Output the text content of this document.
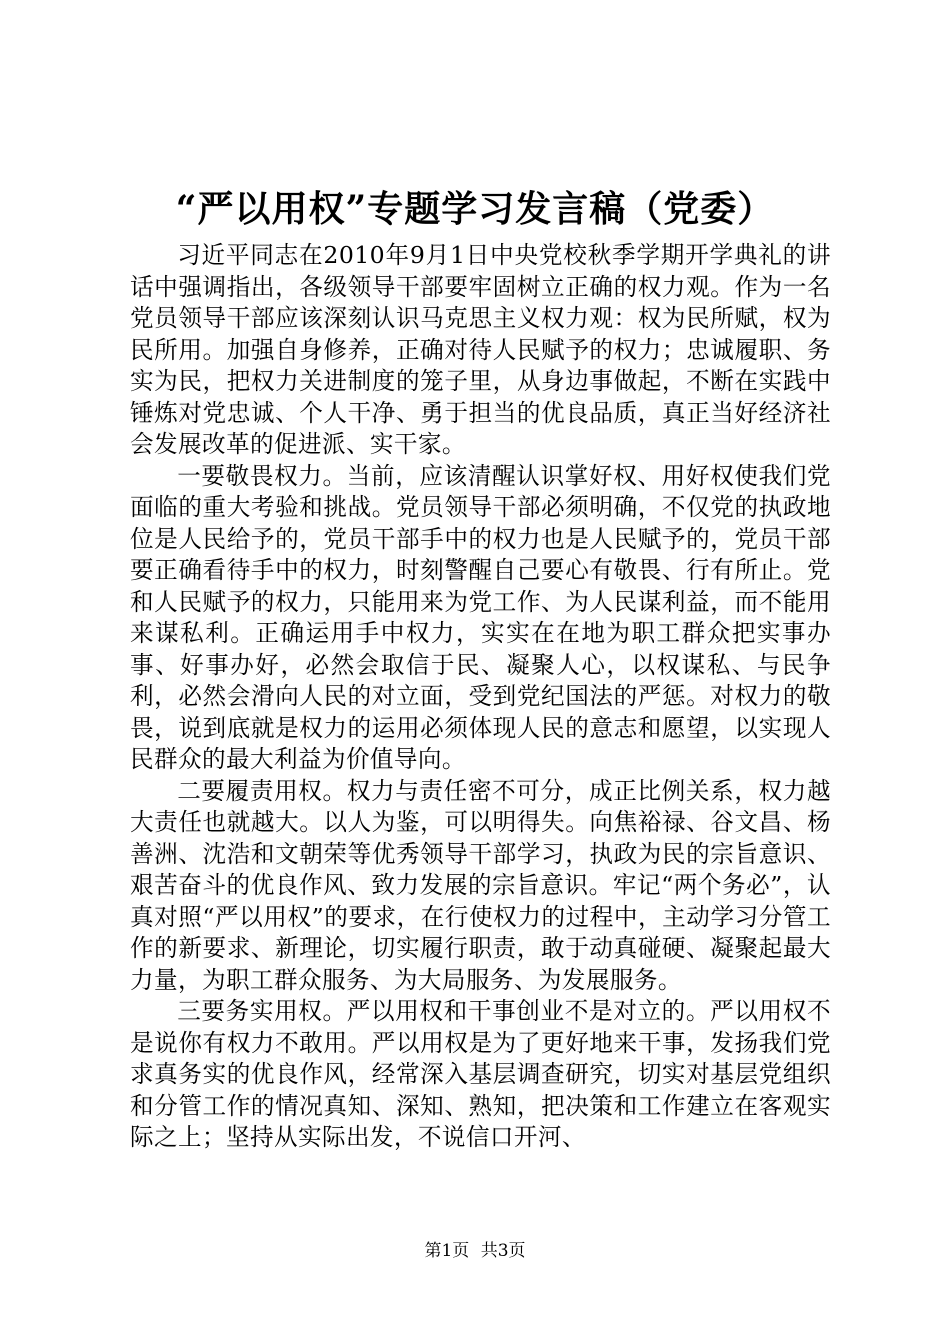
“严以用权”专题学习发言稿（党委）

习近平同志在2010年9月1日中央党校秋季学期开学典礼的讲话中强调指出，各级领导干部要牢固树立正确的权力观。作为一名党员领导干部应该深刻认识马克思主义权力观：权为民所赋，权为民所用。加强自身修养，正确对待人民赋予的权力；忠诚履职、务实为民，把权力关进制度的笼子里，从身边事做起，不断在实践中锤炼对党忠诚、个人干净、勇于担当的优良品质，真正当好经济社会发展改革的促进派、实干家。

一要敬畏权力。当前，应该清醒认识掌好权、用好权使我们党面临的重大考验和挑战。党员领导干部必须明确，不仅党的执政地位是人民给予的，党员干部手中的权力也是人民赋予的，党员干部要正确看待手中的权力，时刻警醒自己要心有敬畏、行有所止。党和人民赋予的权力，只能用来为党工作、为人民谋利益，而不能用来谋私利。正确运用手中权力，实实在在地为职工群众把实事办事、好事办好，必然会取信于民、凝聚人心，以权谋私、与民争利，必然会滑向人民的对立面，受到党纪国法的严惩。对权力的敬畏，说到底就是权力的运用必须体现人民的意志和愿望，以实现人民群众的最大利益为价值导向。

二要履责用权。权力与责任密不可分，成正比例关系，权力越大责任也就越大。以人为鉴，可以明得失。向焦裕禄、谷文昌、杨善洲、沈浩和文朝荣等优秀领导干部学习，执政为民的宗旨意识、艰苦奋斗的优良作风、致力发展的宗旨意识。牢记“两个务必”，认真对照“严以用权”的要求，在行使权力的过程中，主动学习分管工作的新要求、新理论，切实履行职责，敢于动真碰硬、凝聚起最大力量，为职工群众服务、为大局服务、为发展服务。

三要务实用权。严以用权和干事创业不是对立的。严以用权不是说你有权力不敢用。严以用权是为了更好地来干事，发扬我们党求真务实的优良作风，经常深入基层调查研究，切实对基层党组织和分管工作的情况真知、深知、熟知，把决策和工作建立在客观实际之上；坚持从实际出发，不说信口开河、

第1页 共3页
